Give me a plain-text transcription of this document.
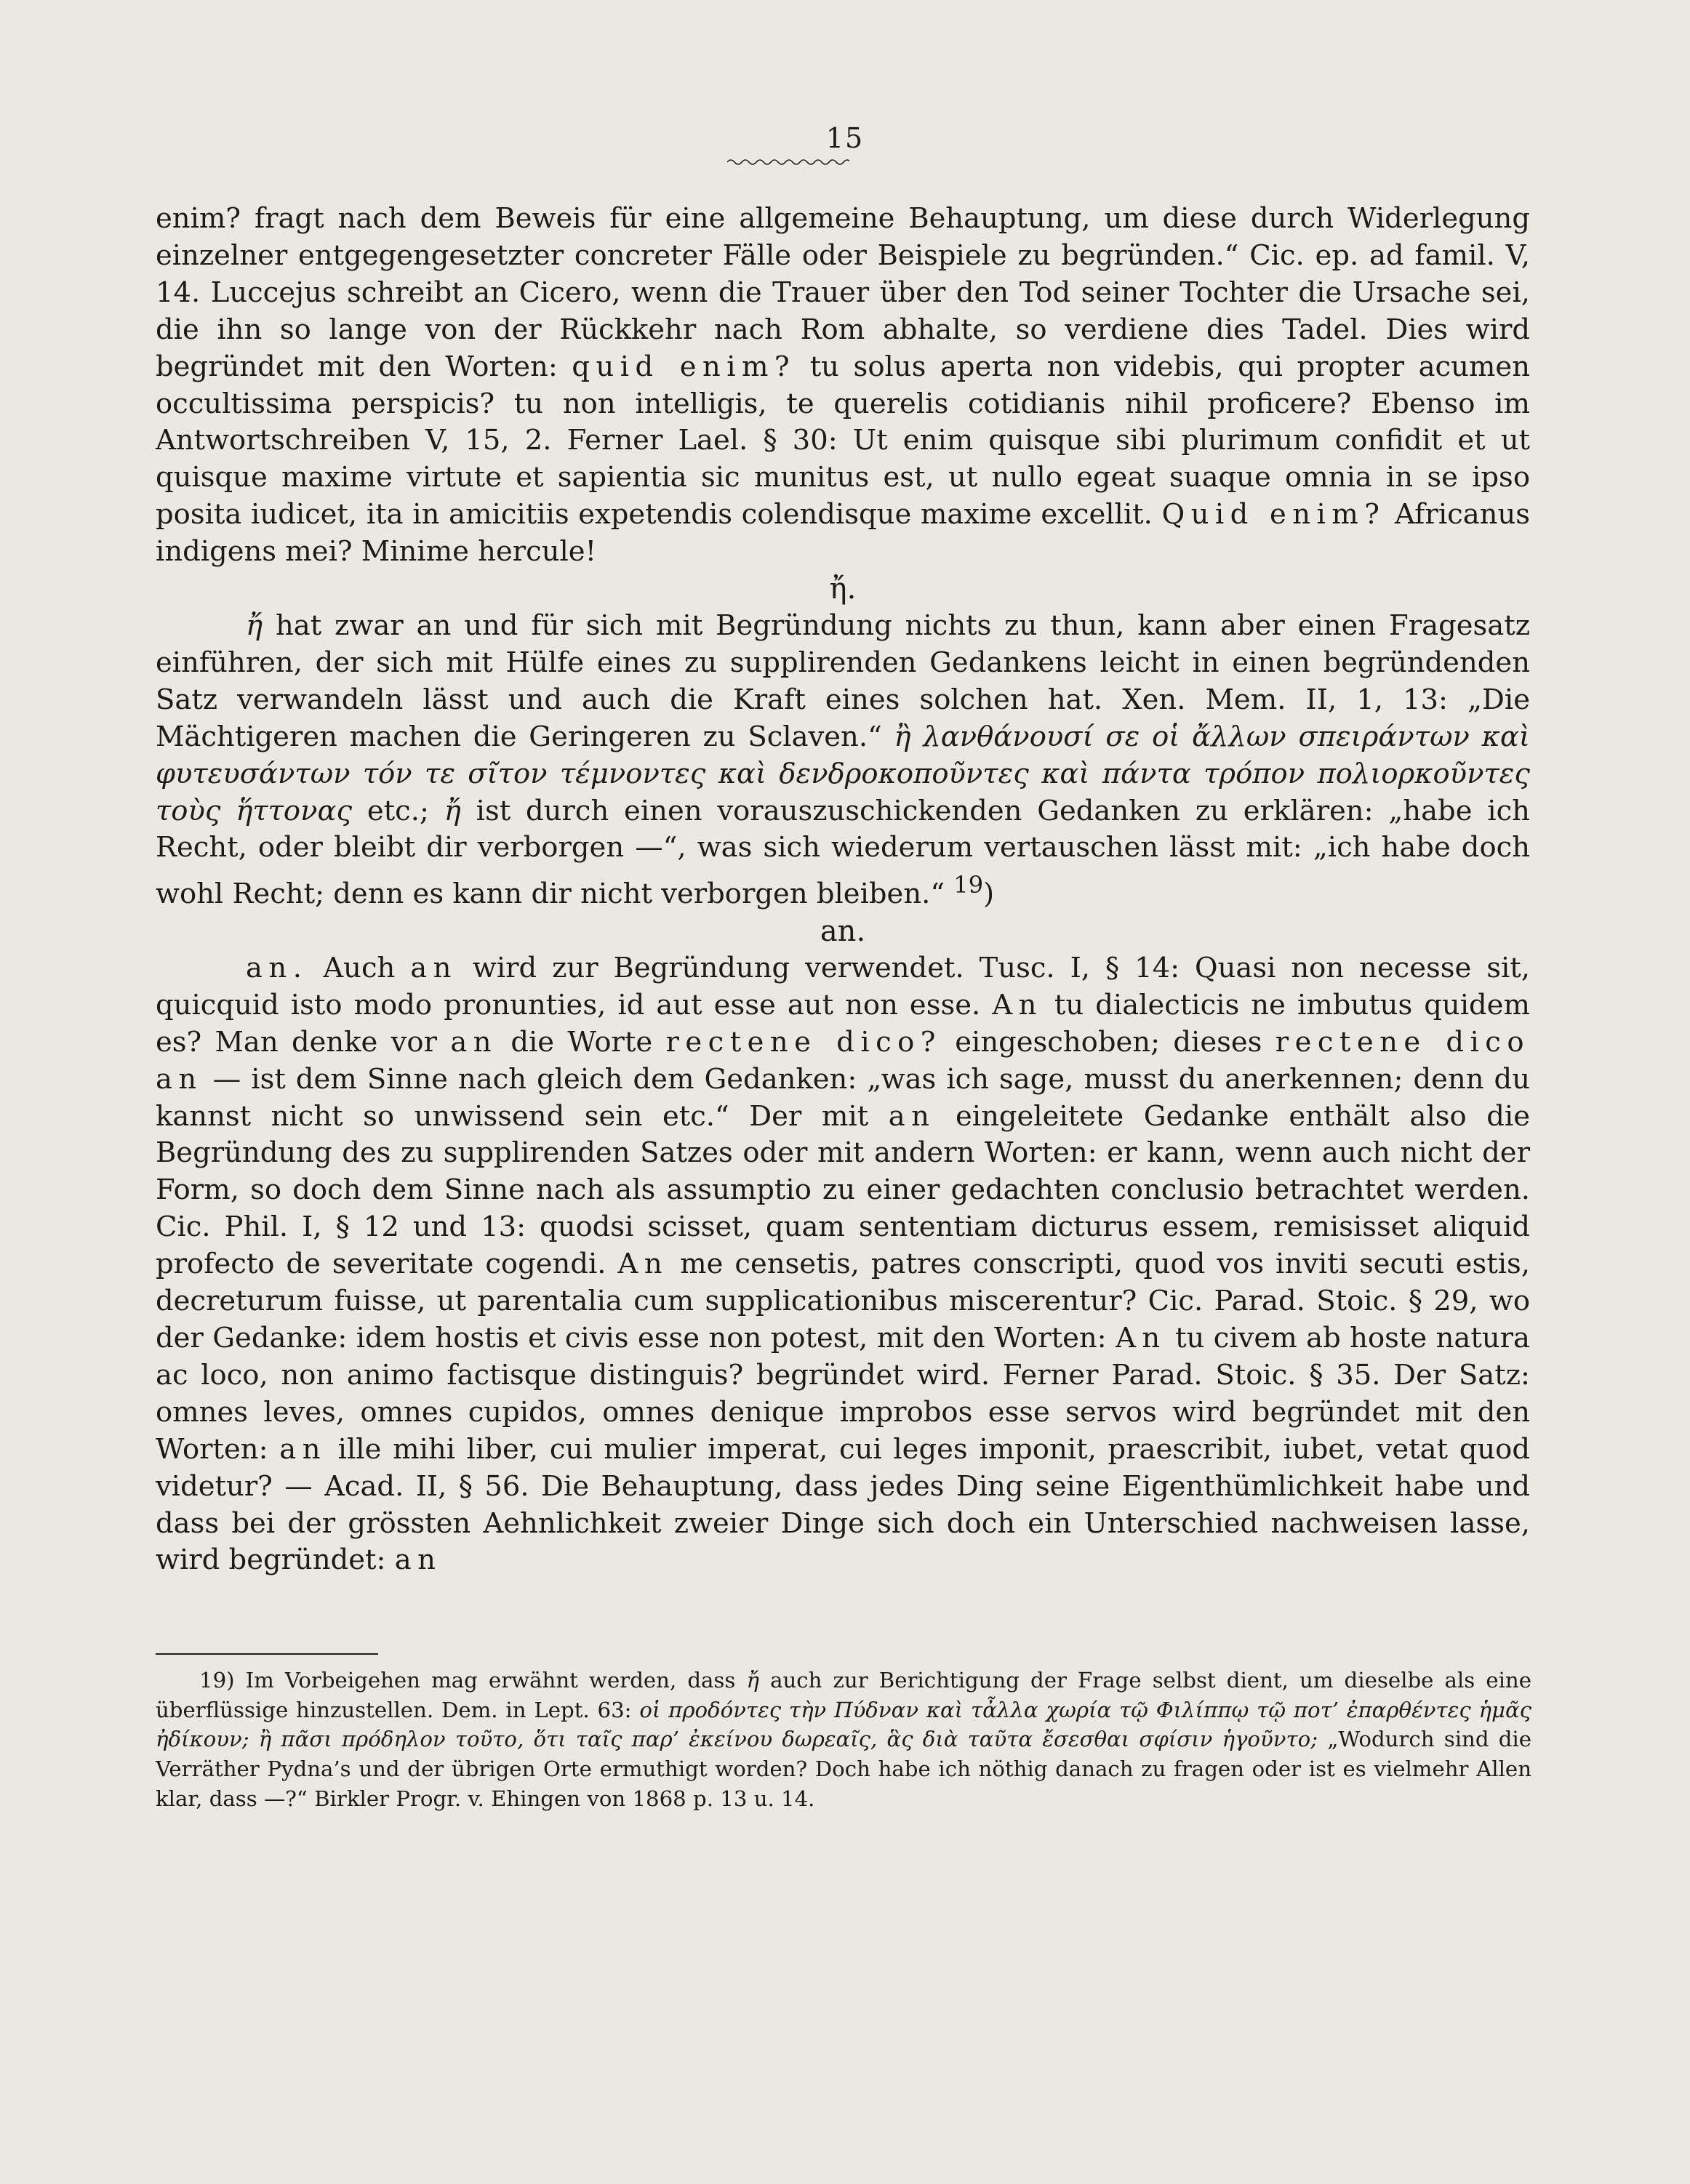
15

enim? fragt nach dem Beweis für eine allgemeine Behauptung, um diese durch Widerlegung einzelner entgegengesetzter concreter Fälle oder Beispiele zu begründen.“ Cic. ep. ad famil. V, 14. Luccejus schreibt an Cicero, wenn die Trauer über den Tod seiner Tochter die Ursache sei, die ihn so lange von der Rückkehr nach Rom abhalte, so verdiene dies Tadel. Dies wird begründet mit den Worten: quid enim? tu solus aperta non videbis, qui propter acumen occultissima perspicis? tu non intelligis, te querelis cotidianis nihil proficere? Ebenso im Antwortschreiben V, 15, 2. Ferner Lael. § 30: Ut enim quisque sibi plurimum confidit et ut quisque maxime virtute et sapientia sic munitus est, ut nullo egeat suaque omnia in se ipso posita iudicet, ita in amicitiis expetendis colendisque maxime excellit. Quid enim? Africanus indigens mei? Minime hercule!

ἤ.

ἤ hat zwar an und für sich mit Begründung nichts zu thun, kann aber einen Fragesatz einführen, der sich mit Hülfe eines zu supplirenden Gedankens leicht in einen begründenden Satz verwandeln lässt und auch die Kraft eines solchen hat. Xen. Mem. II, 1, 13: „Die Mächtigeren machen die Geringeren zu Sclaven.“ ἢ λανθάνουσί σε οἱ ἄλλων σπειράντων καὶ φυτευσάντων τόν τε σῖτον τέμνοντες καὶ δενδροκοποῦντες καὶ πάντα τρόπον πολιορκοῦντες τοὺς ἥττονας etc.; ἤ ist durch einen vorauszuschickenden Gedanken zu erklären: „habe ich Recht, oder bleibt dir verborgen —“, was sich wiederum vertauschen lässt mit: „ich habe doch wohl Recht; denn es kann dir nicht verborgen bleiben.“ $^{19}$)

an.

an. Auch an wird zur Begründung verwendet. Tusc. I, § 14: Quasi non necesse sit, quicquid isto modo pronunties, id aut esse aut non esse. An tu dialecticis ne imbutus quidem es? Man denke vor an die Worte rectene dico? eingeschoben; dieses rectene dico an — ist dem Sinne nach gleich dem Gedanken: „was ich sage, musst du anerkennen; denn du kannst nicht so unwissend sein etc.“ Der mit an eingeleitete Gedanke enthält also die Begründung des zu supplirenden Satzes oder mit andern Worten: er kann, wenn auch nicht der Form, so doch dem Sinne nach als assumptio zu einer gedachten conclusio betrachtet werden. Cic. Phil. I, § 12 und 13: quodsi scisset, quam sententiam dicturus essem, remisisset aliquid profecto de severitate cogendi. An me censetis, patres conscripti, quod vos inviti secuti estis, decreturum fuisse, ut parentalia cum supplicationibus miscerentur? Cic. Parad. Stoic. § 29, wo der Gedanke: idem hostis et civis esse non potest, mit den Worten: An tu civem ab hoste natura ac loco, non animo factisque distinguis? begründet wird. Ferner Parad. Stoic. § 35. Der Satz: omnes leves, omnes cupidos, omnes denique improbos esse servos wird begründet mit den Worten: an ille mihi liber, cui mulier imperat, cui leges imponit, praescribit, iubet, vetat quod videtur? — Acad. II, § 56. Die Behauptung, dass jedes Ding seine Eigenthümlichkeit habe und dass bei der grössten Aehnlichkeit zweier Dinge sich doch ein Unterschied nachweisen lasse, wird begründet: an

19) Im Vorbeigehen mag erwähnt werden, dass ἤ auch zur Berichtigung der Frage selbst dient, um dieselbe als eine überflüssige hinzustellen. Dem. in Lept. 63: οἱ προδόντες τὴν Πύδναν καὶ τἆλλα χωρία τῷ Φιλίππῳ τῷ ποτ’ ἐπαρθέντες ἡμᾶς ἠδίκουν; ἢ πᾶσι πρόδηλον τοῦτο, ὅτι ταῖς παρ’ ἐκείνου δωρεαῖς, ἃς διὰ ταῦτα ἔσεσθαι σφίσιν ἡγοῦντο; „Wodurch sind die Verräther Pydna’s und der übrigen Orte ermuthigt worden? Doch habe ich nöthig danach zu fragen oder ist es vielmehr Allen klar, dass —?“ Birkler Progr. v. Ehingen von 1868 p. 13 u. 14.
